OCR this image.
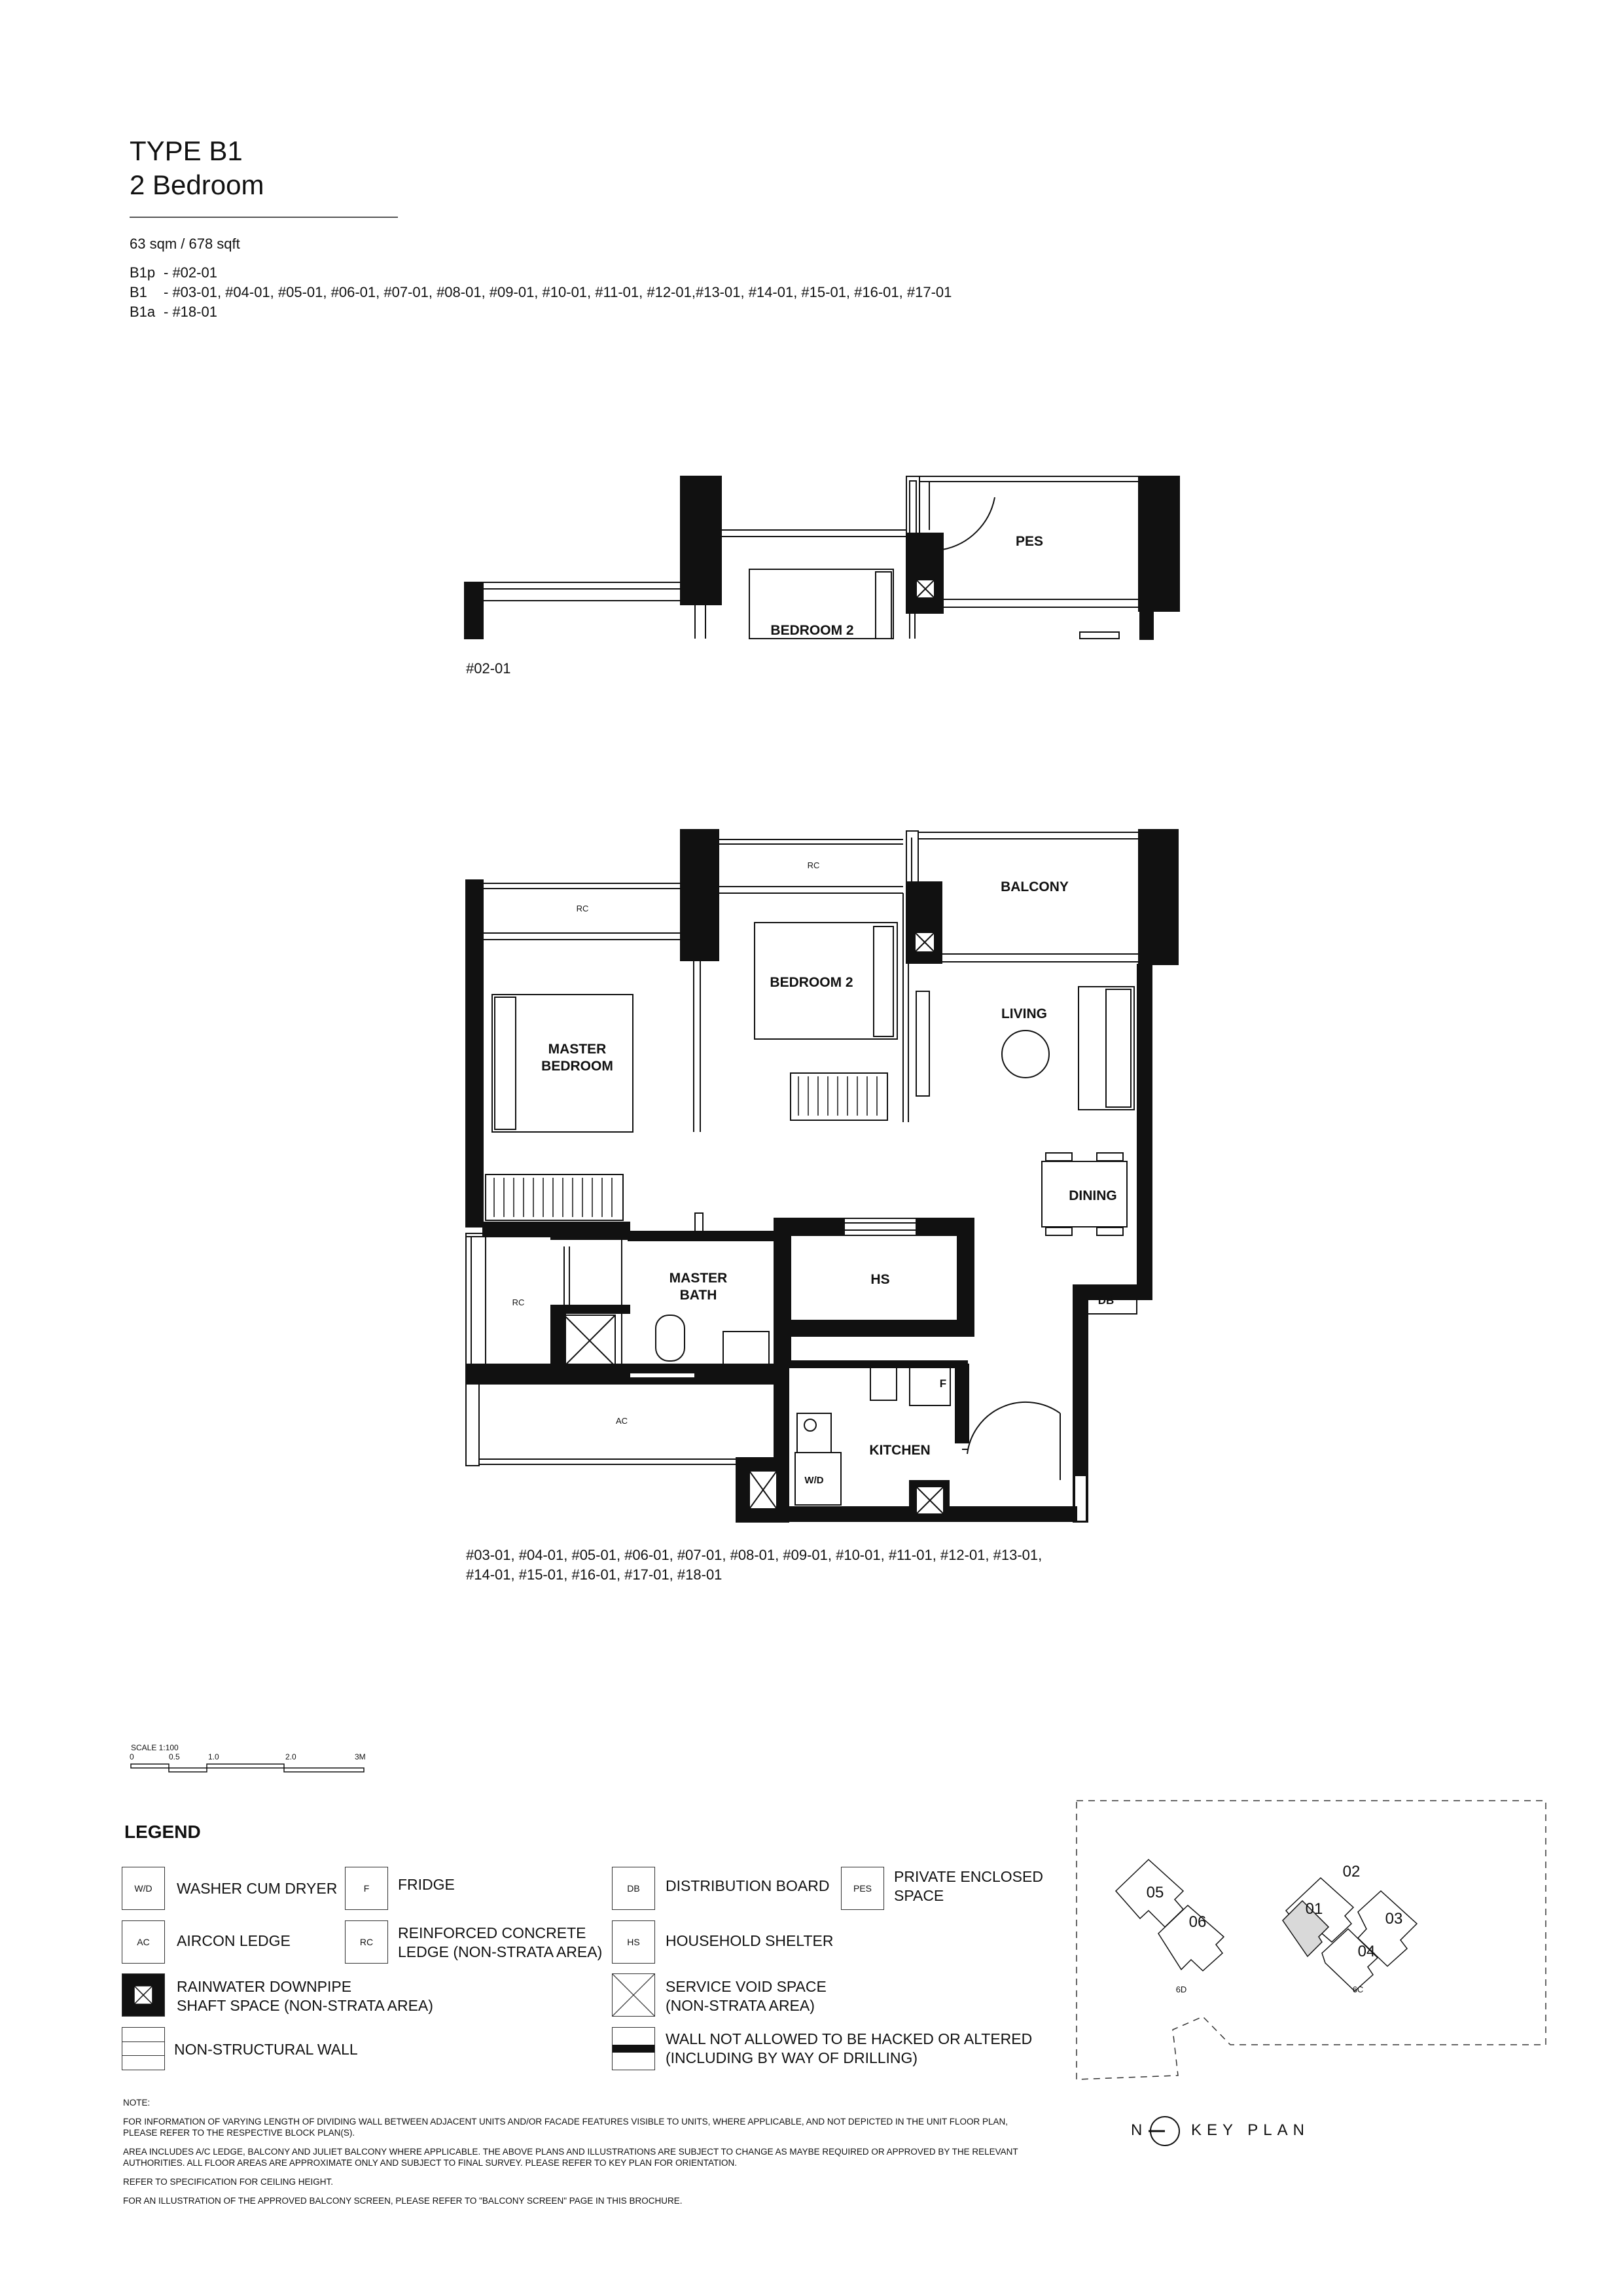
TYPE B1
2 Bedroom
63 sqm / 678 sqft
B1p - #02-01
B1 - #03-01, #04-01, #05-01, #06-01, #07-01, #08-01, #09-01, #10-01, #11-01, #12-01,#13-01, #14-01, #15-01, #16-01, #17-01
B1a - #18-01
PES
BEDROOM 2
#02-01
BALCONY
BEDROOM 2
LIVING
MASTER
BEDROOM
DINING
MASTER
BATH
HS
KITCHEN
DB
F
W/D
RC
RC
RC
AC
#03-01, #04-01, #05-01, #06-01, #07-01, #08-01, #09-01, #10-01, #11-01, #12-01, #13-01,
#14-01, #15-01, #16-01, #17-01, #18-01
SCALE 1:100
0	0.5	1.0	2.0	3M
LEGEND
W/D	WASHER CUM DRYER	F	FRIDGE	DB	DISTRIBUTION BOARD	PES
PRIVATE ENCLOSED
SPACE
AC	AIRCON LEDGE	RC
REINFORCED CONCRETE
LEDGE (NON-STRATA AREA)
HS	HOUSEHOLD SHELTER
RAINWATER DOWNPIPE
SHAFT SPACE (NON-STRATA AREA)
SERVICE VOID SPACE
(NON-STRATA AREA)
NON-STRUCTURAL WALL
WALL NOT ALLOWED TO BE HACKED OR ALTERED
(INCLUDING BY WAY OF DRILLING)

NOTE:

FOR INFORMATION OF VARYING LENGTH OF DIVIDING WALL BETWEEN ADJACENT UNITS AND/OR FACADE FEATURES VISIBLE TO UNITS, WHERE APPLICABLE, AND NOT DEPICTED IN THE UNIT FLOOR PLAN, PLEASE REFER TO THE RESPECTIVE BLOCK PLAN(S).

AREA INCLUDES A/C LEDGE, BALCONY AND JULIET BALCONY WHERE APPLICABLE. THE ABOVE PLANS AND ILLUSTRATIONS ARE SUBJECT TO CHANGE AS MAYBE REQUIRED OR APPROVED BY THE RELEVANT AUTHORITIES. ALL FLOOR AREAS ARE APPROXIMATE ONLY AND SUBJECT TO FINAL SURVEY. PLEASE REFER TO KEY PLAN FOR ORIENTATION.

REFER TO SPECIFICATION FOR CEILING HEIGHT.

FOR AN ILLUSTRATION OF THE APPROVED BALCONY SCREEN, PLEASE REFER TO "BALCONY SCREEN" PAGE IN THIS BROCHURE.

05
06
02
01
03
04
6D	6C
N	KEY PLAN
